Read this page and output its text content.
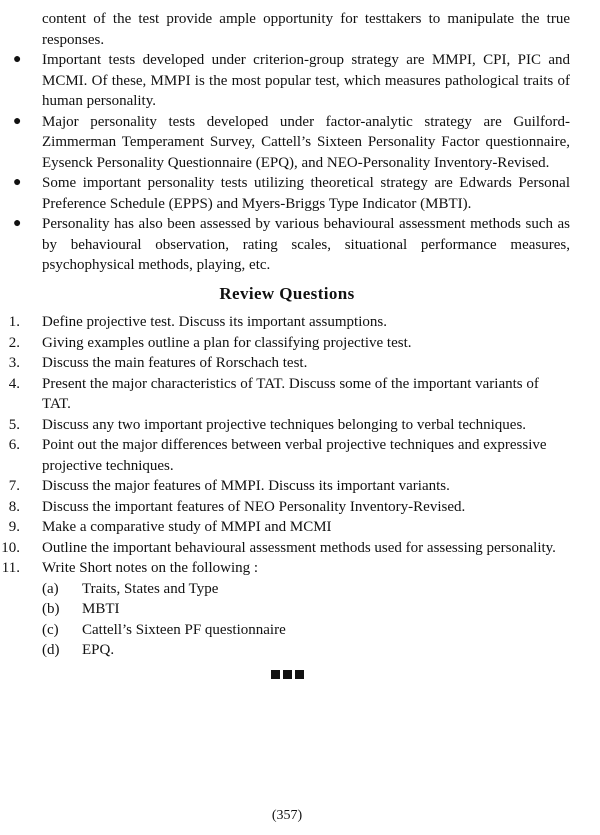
content of the test provide ample opportunity for testtakers to manipulate the true responses.
● Important tests developed under criterion-group strategy are MMPI, CPI, PIC and MCMI. Of these, MMPI is the most popular test, which measures pathological traits of human personality.
● Major personality tests developed under factor-analytic strategy are Guilford-Zimmerman Temperament Survey, Cattell’s Sixteen Personality Factor questionnaire, Eysenck Personality Questionnaire (EPQ), and NEO-Personality Inventory-Revised.
● Some important personality tests utilizing theoretical strategy are Edwards Personal Preference Schedule (EPPS) and Myers-Briggs Type Indicator (MBTI).
● Personality has also been assessed by various behavioural assessment methods such as by behavioural observation, rating scales, situational performance measures, psychophysical methods, playing, etc.
Review Questions
1. Define projective test. Discuss its important assumptions.
2. Giving examples outline a plan for classifying projective test.
3. Discuss the main features of Rorschach test.
4. Present the major characteristics of TAT. Discuss some of the important variants of TAT.
5. Discuss any two important projective techniques belonging to verbal techniques.
6. Point out the major differences between verbal projective techniques and expressive projective techniques.
7. Discuss the major features of MMPI. Discuss its important variants.
8. Discuss the important features of NEO Personality Inventory-Revised.
9. Make a comparative study of MMPI and MCMI
10. Outline the important behavioural assessment methods used for assessing personality.
11. Write Short notes on the following :
(a) Traits, States and Type
(b) MBTI
(c) Cattell’s Sixteen PF questionnaire
(d) EPQ.
(357)
